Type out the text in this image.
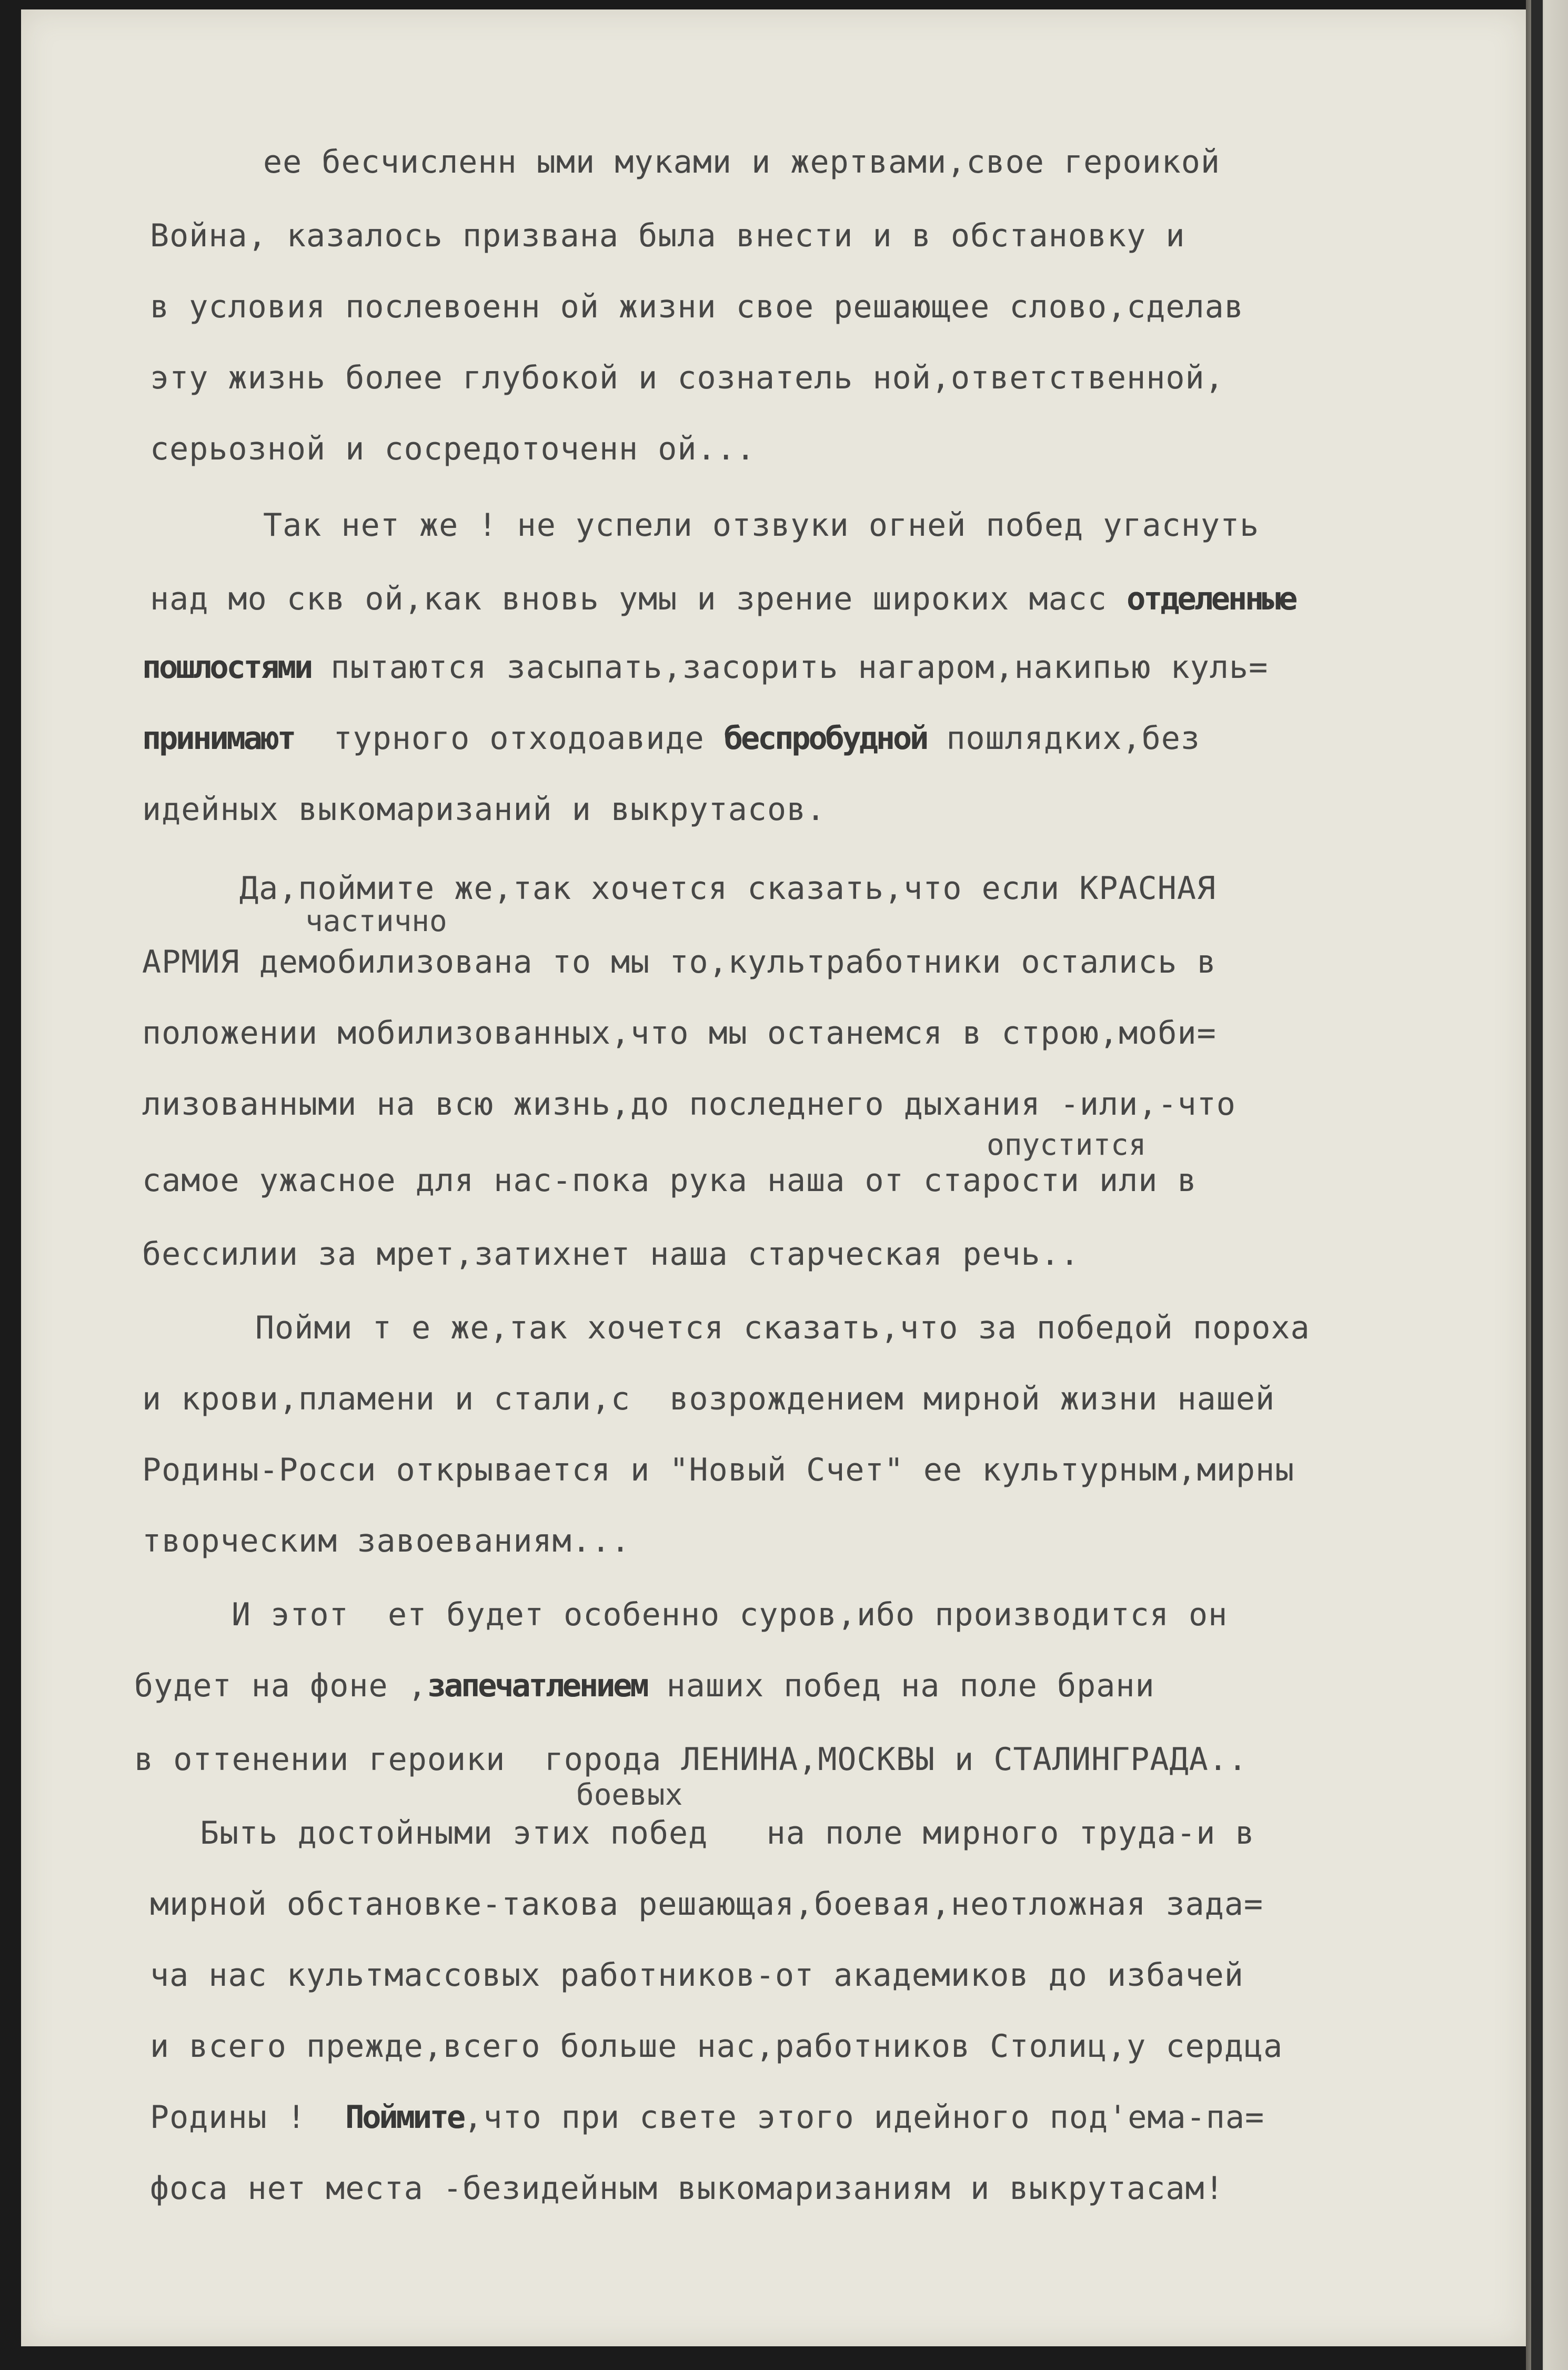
ее бесчисленн ыми муками и жертвами,свое героикой
Война, казалось призвана была внести и в обстановку и
в условия послевоенн ой жизни свое решающее слово,сделав
эту жизнь более глубокой и сознатель ной,ответственной,
серьозной и сосредоточенн ой...
Так нет же ! не успели отзвуки огней побед угаснуть
над мо скв ой,как вновь умы и зрение широких масс отделенные
пошлостями пытаются засыпать,засорить нагаром,накипью куль=
принимают турного отходоавиде беспробудной пошлядких,без
идейных выкомаризаний и выкрутасов.
Да,поймите же,так хочется сказать,что если КРАСНАЯ
частично
АРМИЯ демобилизована то мы то,культработники остались в
положении мобилизованных,что мы останемся в строю,моби=
лизованными на всю жизнь,до последнего дыхания -или,-что
опустится
самое ужасное для нас-пока рука наша от старости или в
бессилии за мрет,затихнет наша старческая речь..
Пойми т е же,так хочется сказать,что за победой пороха
и крови,пламени и стали,с  возрождением мирной жизни нашей
Родины-Росси открывается и "Новый Счет" ее культурным,мирны
творческим завоеваниям...
И этот  ет будет особенно суров,ибо производится он
будет на фоне ,запечатлением наших побед на поле брани
в оттенении героики  города ЛЕНИНА,МОСКВЫ и СТАЛИНГРАДА..
боевых
Быть достойными этих побед   на поле мирного труда-и в
мирной обстановке-такова решающая,боевая,неотложная зада=
ча нас культмассовых работников-от академиков до избачей
и всего прежде,всего больше нас,работников Столиц,у сердца
Родины ! Поймите,что при свете этого идейного под'ема-па=
фоса нет места -безидейным выкомаризаниям и выкрутасам!
